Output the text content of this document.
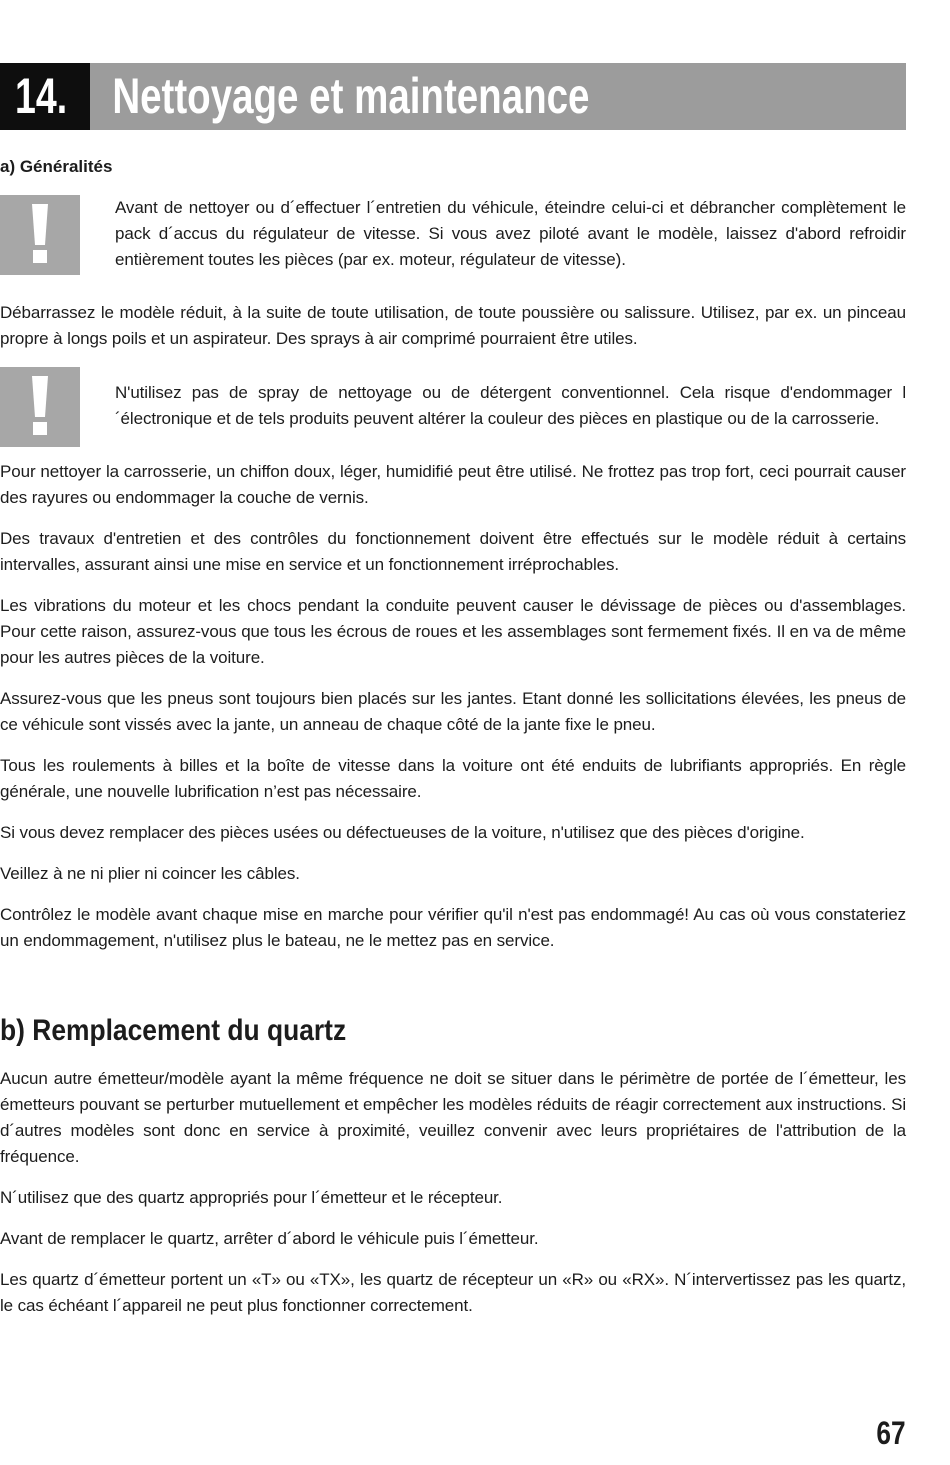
14. Nettoyage et maintenance
a) Généralités

Avant de nettoyer ou d´effectuer l´entretien du véhicule, éteindre celui-ci et débrancher complètement le pack d´accus du régulateur de vitesse. Si vous avez piloté avant le modèle, laissez d'abord refroidir entièrement toutes les pièces (par ex. moteur, régulateur de vitesse).

Débarrassez le modèle réduit, à la suite de toute utilisation, de toute poussière ou salissure. Utilisez, par ex. un pinceau propre à longs poils et un aspirateur. Des sprays à air comprimé pourraient être utiles.

N'utilisez pas de spray de nettoyage ou de détergent conventionnel. Cela risque d'endommager l´électronique et de tels produits peuvent altérer la couleur des pièces en plastique ou de la carrosserie.

Pour nettoyer la carrosserie, un chiffon doux, léger, humidifié peut être utilisé. Ne frottez pas trop fort, ceci pourrait causer des rayures ou endommager la couche de vernis.

Des travaux d'entretien et des contrôles du fonctionnement doivent être effectués sur le modèle réduit à certains intervalles, assurant ainsi une mise en service et un fonctionnement irréprochables.

Les vibrations du moteur et les chocs pendant la conduite peuvent causer le dévissage de pièces ou d'assemblages. Pour cette raison, assurez-vous que tous les écrous de roues et les assemblages sont fermement fixés. Il en va de même pour les autres pièces de la voiture.

Assurez-vous que les pneus sont toujours bien placés sur les jantes. Etant donné les sollicitations élevées, les pneus de ce véhicule sont vissés avec la jante, un anneau de chaque côté de la jante fixe le pneu.

Tous les roulements à billes et la boîte de vitesse dans la voiture ont été enduits de lubrifiants appropriés. En règle générale, une nouvelle lubrification n’est pas nécessaire.

Si vous devez remplacer des pièces usées ou défectueuses de la voiture, n'utilisez que des pièces d'origine.

Veillez à ne ni plier ni coincer les câbles.

Contrôlez le modèle avant chaque mise en marche pour vérifier qu'il n'est pas endommagé! Au cas où vous constateriez un endommagement, n'utilisez plus le bateau, ne le mettez pas en service.

b) Remplacement du quartz

Aucun autre émetteur/modèle ayant la même fréquence ne doit se situer dans le périmètre de portée de l´émetteur, les émetteurs pouvant se perturber mutuellement et empêcher les modèles réduits de réagir correctement aux instructions. Si d´autres modèles sont donc en service à proximité, veuillez convenir avec leurs propriétaires de l'attribution de la fréquence.

N´utilisez que des quartz appropriés pour l´émetteur et le récepteur.

Avant de remplacer le quartz, arrêter d´abord le véhicule puis l´émetteur.

Les quartz d´émetteur portent un «T» ou «TX», les quartz de récepteur un «R» ou «RX». N´intervertissez pas les quartz, le cas échéant l´appareil ne peut plus fonctionner correctement.

67
